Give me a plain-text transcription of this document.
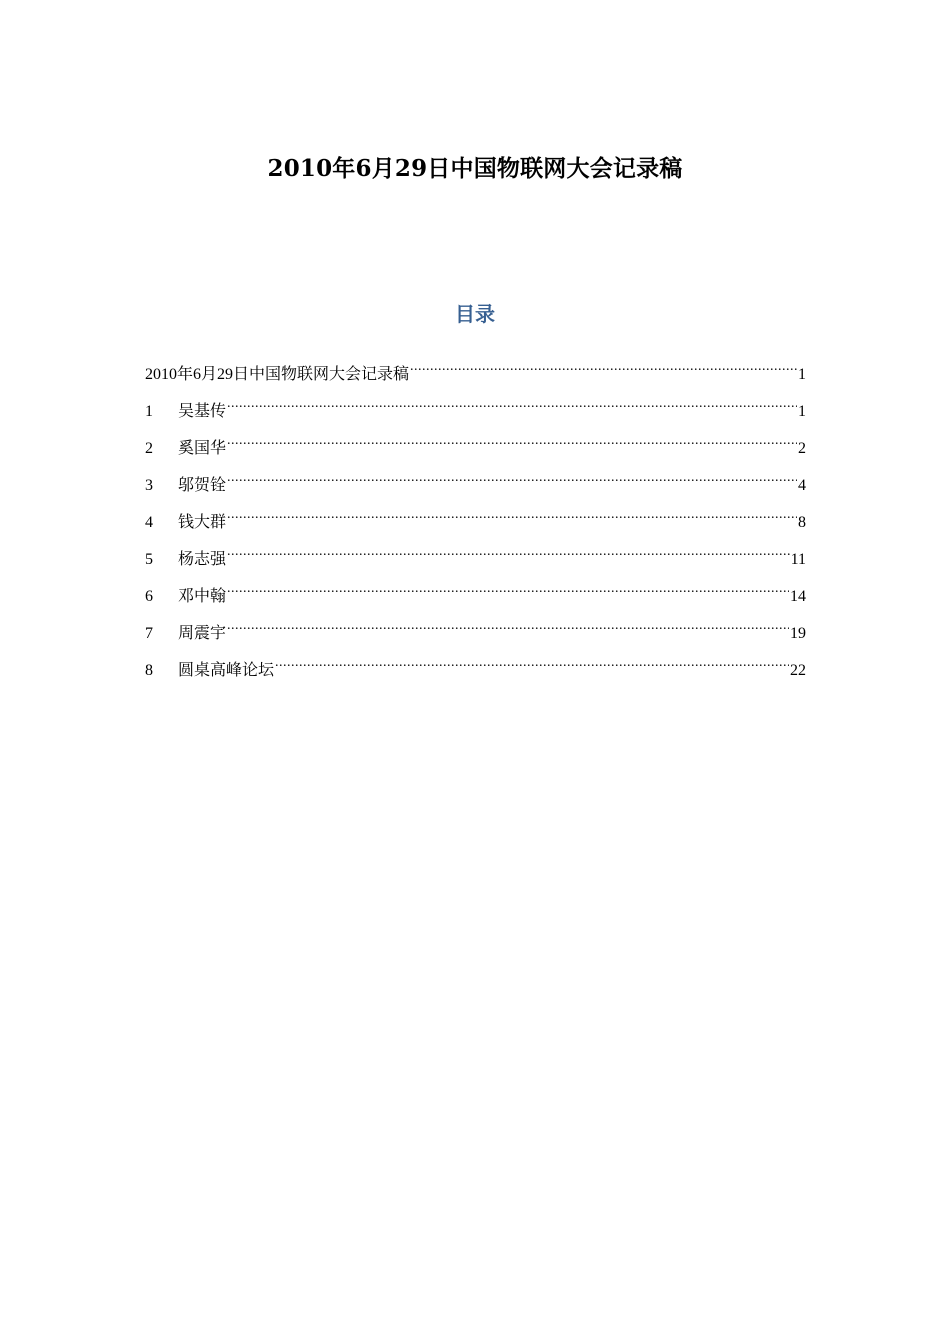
2010年6月29日中国物联网大会记录稿
目录
2010年6月29日中国物联网大会记录稿 .....	1
1	吴基传 .....	1
2	奚国华 .....	2
3	邬贺铨 .....	4
4	钱大群 .....	8
5	杨志强 .....	11
6	邓中翰 .....	14
7	周震宇 .....	19
8	圆桌高峰论坛 .....	22
